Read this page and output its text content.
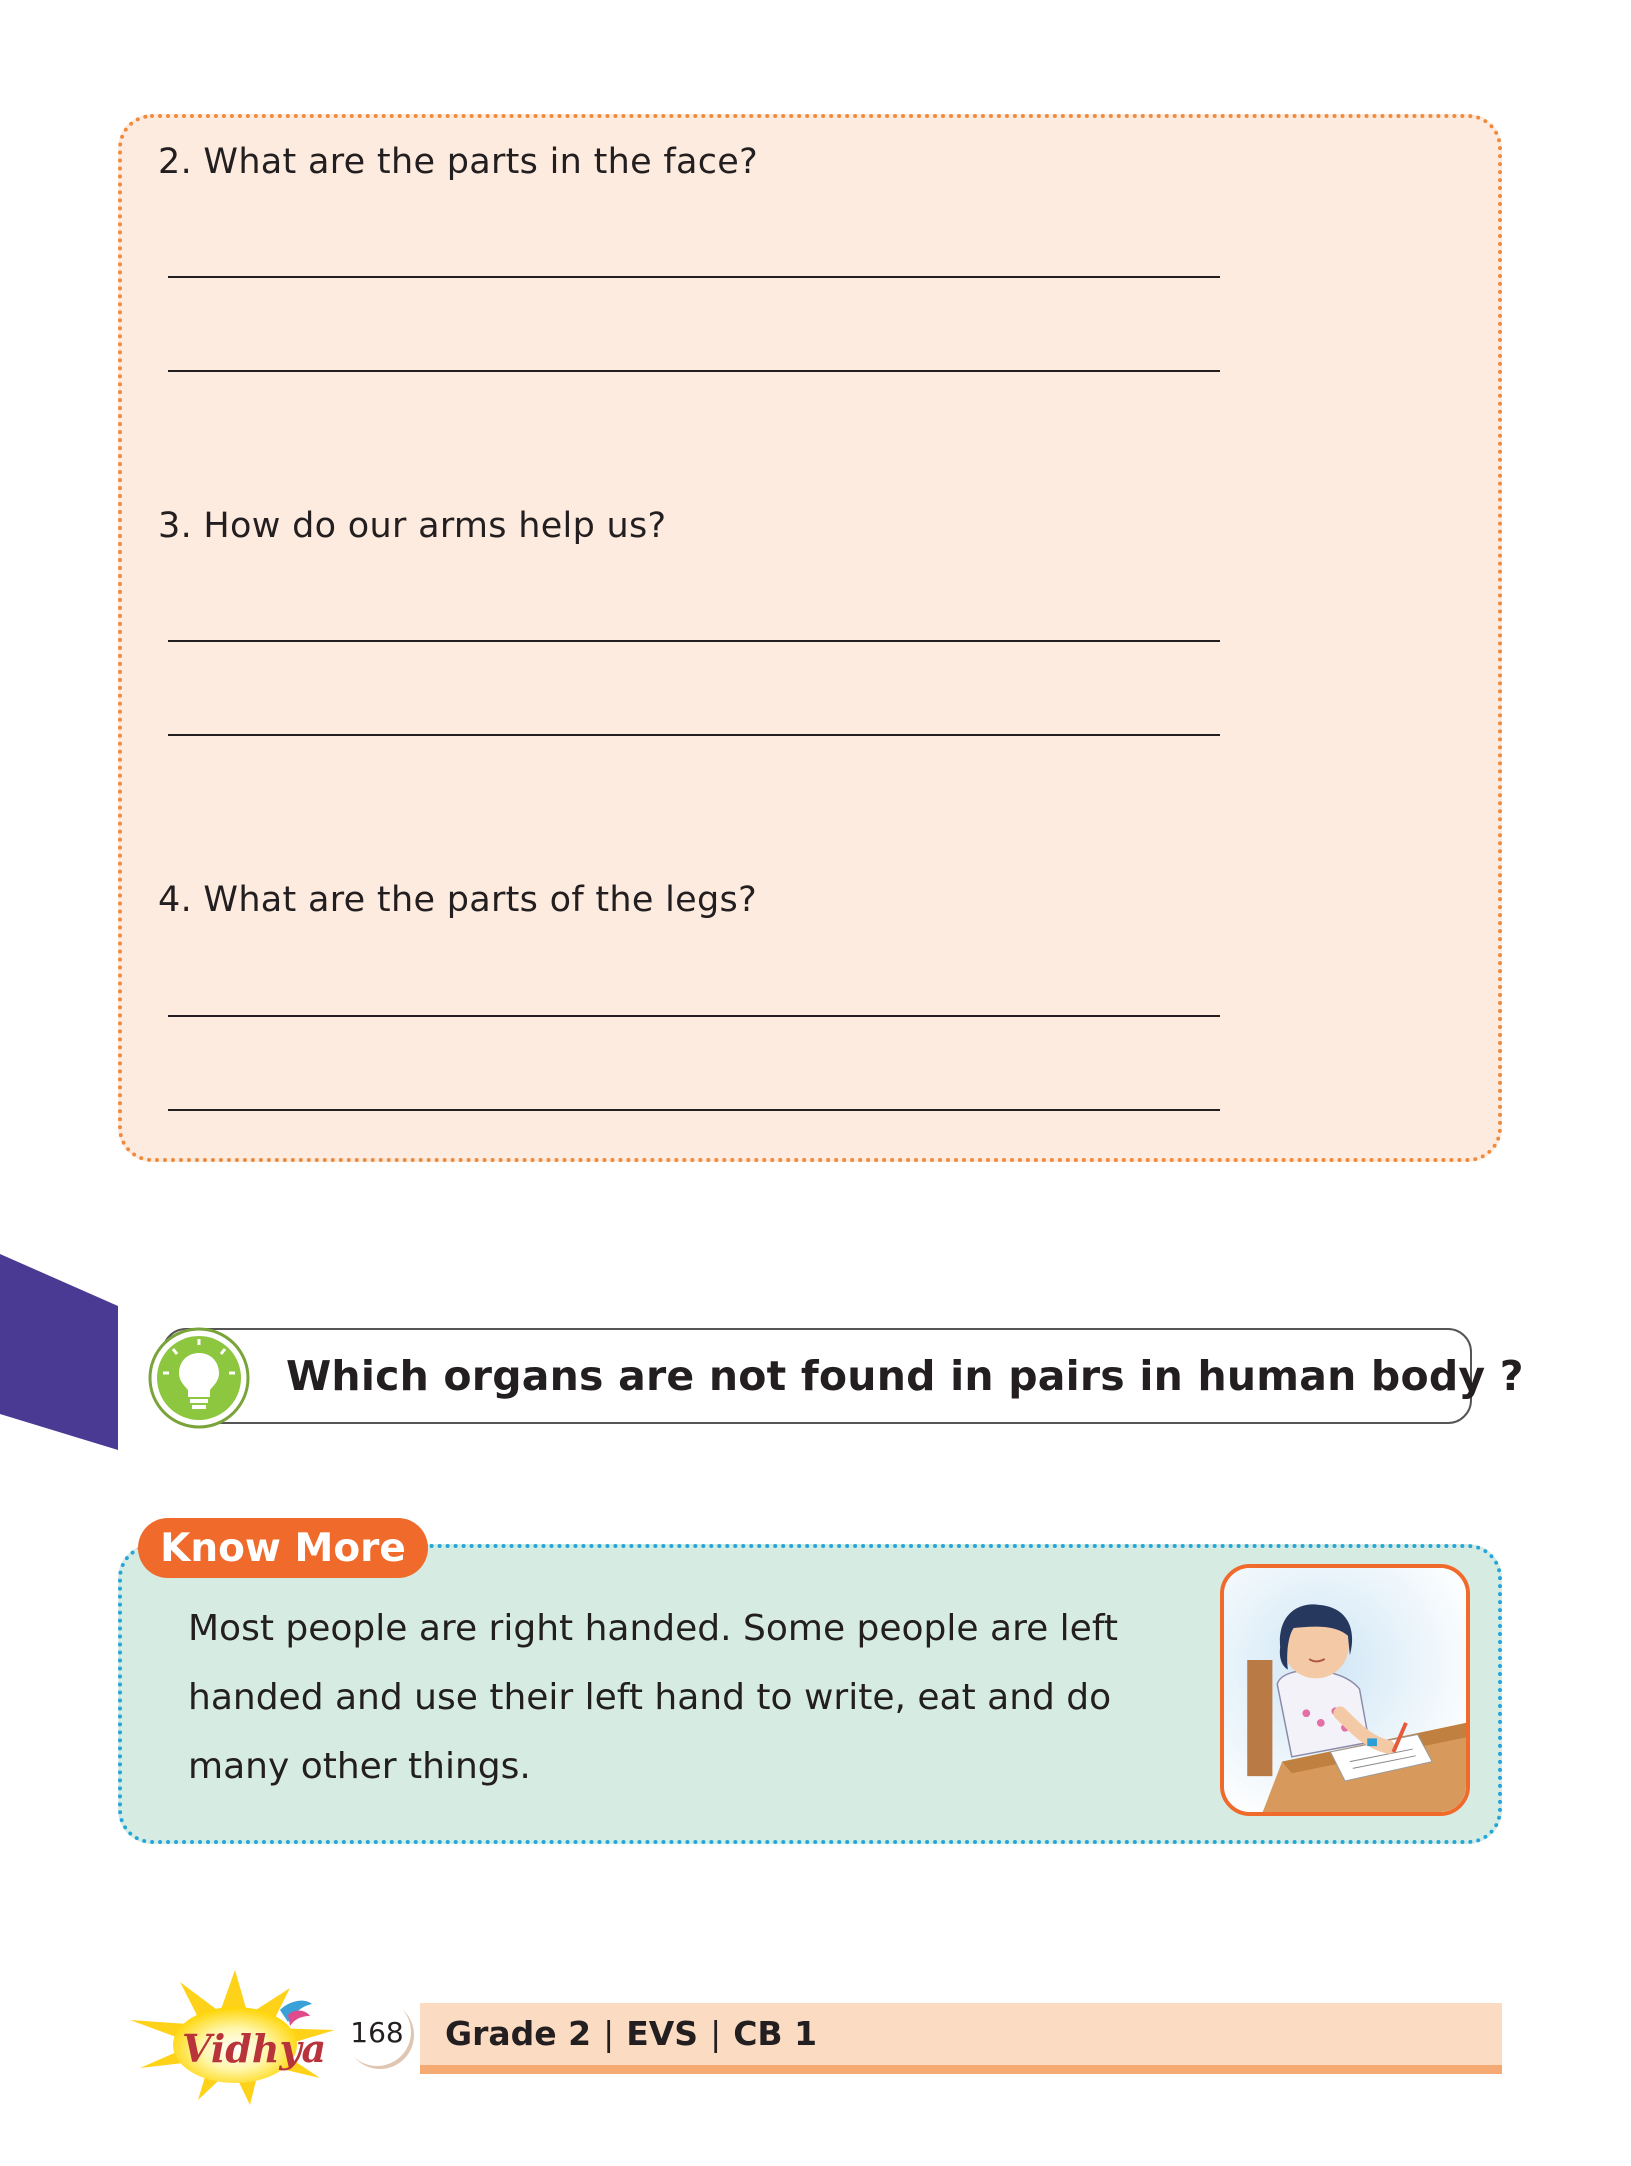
2. What are the parts in the face?

3. How do our arms help us?

4. What are the parts of the legs?

Which organs are not found in pairs in human body ?

Know More

Most people are right handed. Some people are left handed and use their left hand to write, eat and do many other things.

168 Grade 2 | EVS | CB 1
Vidhya
